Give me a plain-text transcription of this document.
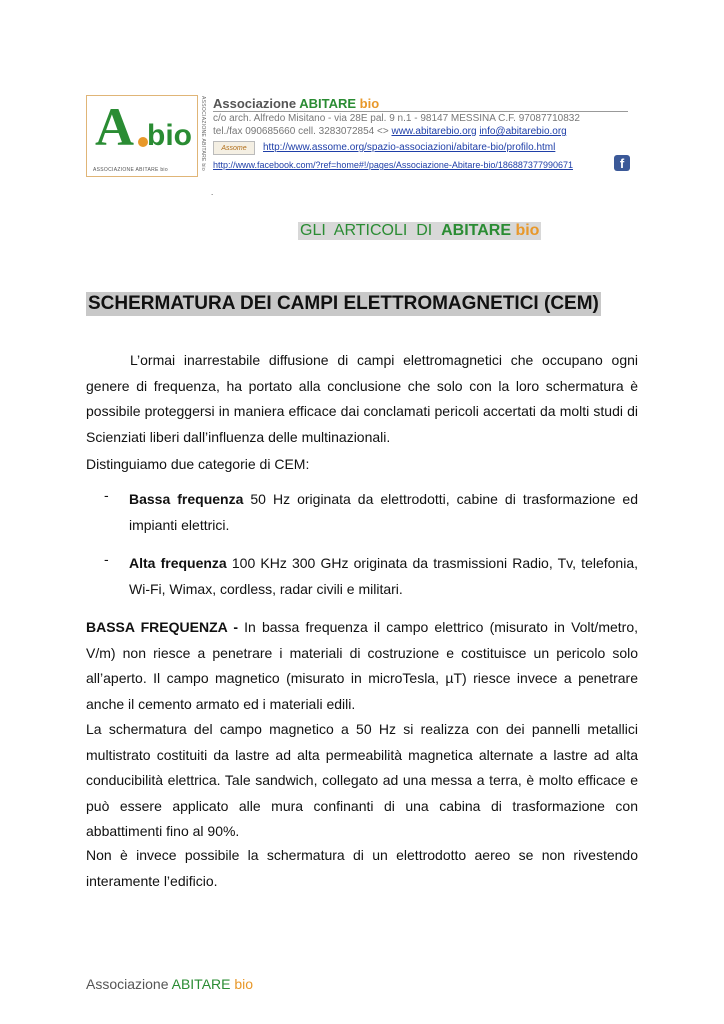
A bio
ASSOCIAZIONE ABITARE bio	ASSOCIAZIONE ABITARE bio Associazione ABITARE bio
c/o arch. Alfredo Misitano - via 28E pal. 9 n.1 - 98147 MESSINA C.F. 97087710832
tel./fax 090685660 cell. 3283072854 <> www.abitarebio.org info@abitarebio.org
Assome	http://www.assome.org/spazio-associazioni/abitare-bio/profilo.html
http://www.facebook.com/?ref=home#!/pages/Associazione-Abitare-bio/186887377990671	f
.
GLI  ARTICOLI  DI  ABITARE bio
SCHERMATURA DEI CAMPI ELETTROMAGNETICI (CEM)
L’ormai inarrestabile diffusione di campi elettromagnetici che occupano ogni genere di frequenza, ha portato alla conclusione che solo con la loro schermatura è possibile proteggersi in maniera efficace dai conclamati pericoli accertati da molti studi di Scienziati liberi dall’influenza delle multinazionali.
Distinguiamo due categorie di CEM:
- Bassa frequenza 50 Hz originata da elettrodotti, cabine di trasformazione ed impianti elettrici.
- Alta frequenza 100 KHz 300 GHz originata da trasmissioni Radio, Tv, telefonia, Wi-Fi, Wimax, cordless, radar civili e militari.
BASSA FREQUENZA - In bassa frequenza il campo elettrico (misurato in Volt/metro, V/m) non riesce a penetrare i materiali di costruzione e costituisce un pericolo solo all’aperto. Il campo magnetico (misurato in microTesla, µT) riesce invece a penetrare anche il cemento armato ed i materiali edili.
La schermatura del campo magnetico a 50 Hz si realizza con dei pannelli metallici multistrato costituiti da lastre ad alta permeabilità magnetica alternate a lastre ad alta conducibilità elettrica. Tale sandwich, collegato ad una messa a terra, è molto efficace e può essere applicato alle mura confinanti di una cabina di trasformazione con abbattimenti fino al 90%.
Non è invece possibile la schermatura di un elettrodotto aereo se non rivestendo interamente l’edificio.
Associazione ABITARE bio
